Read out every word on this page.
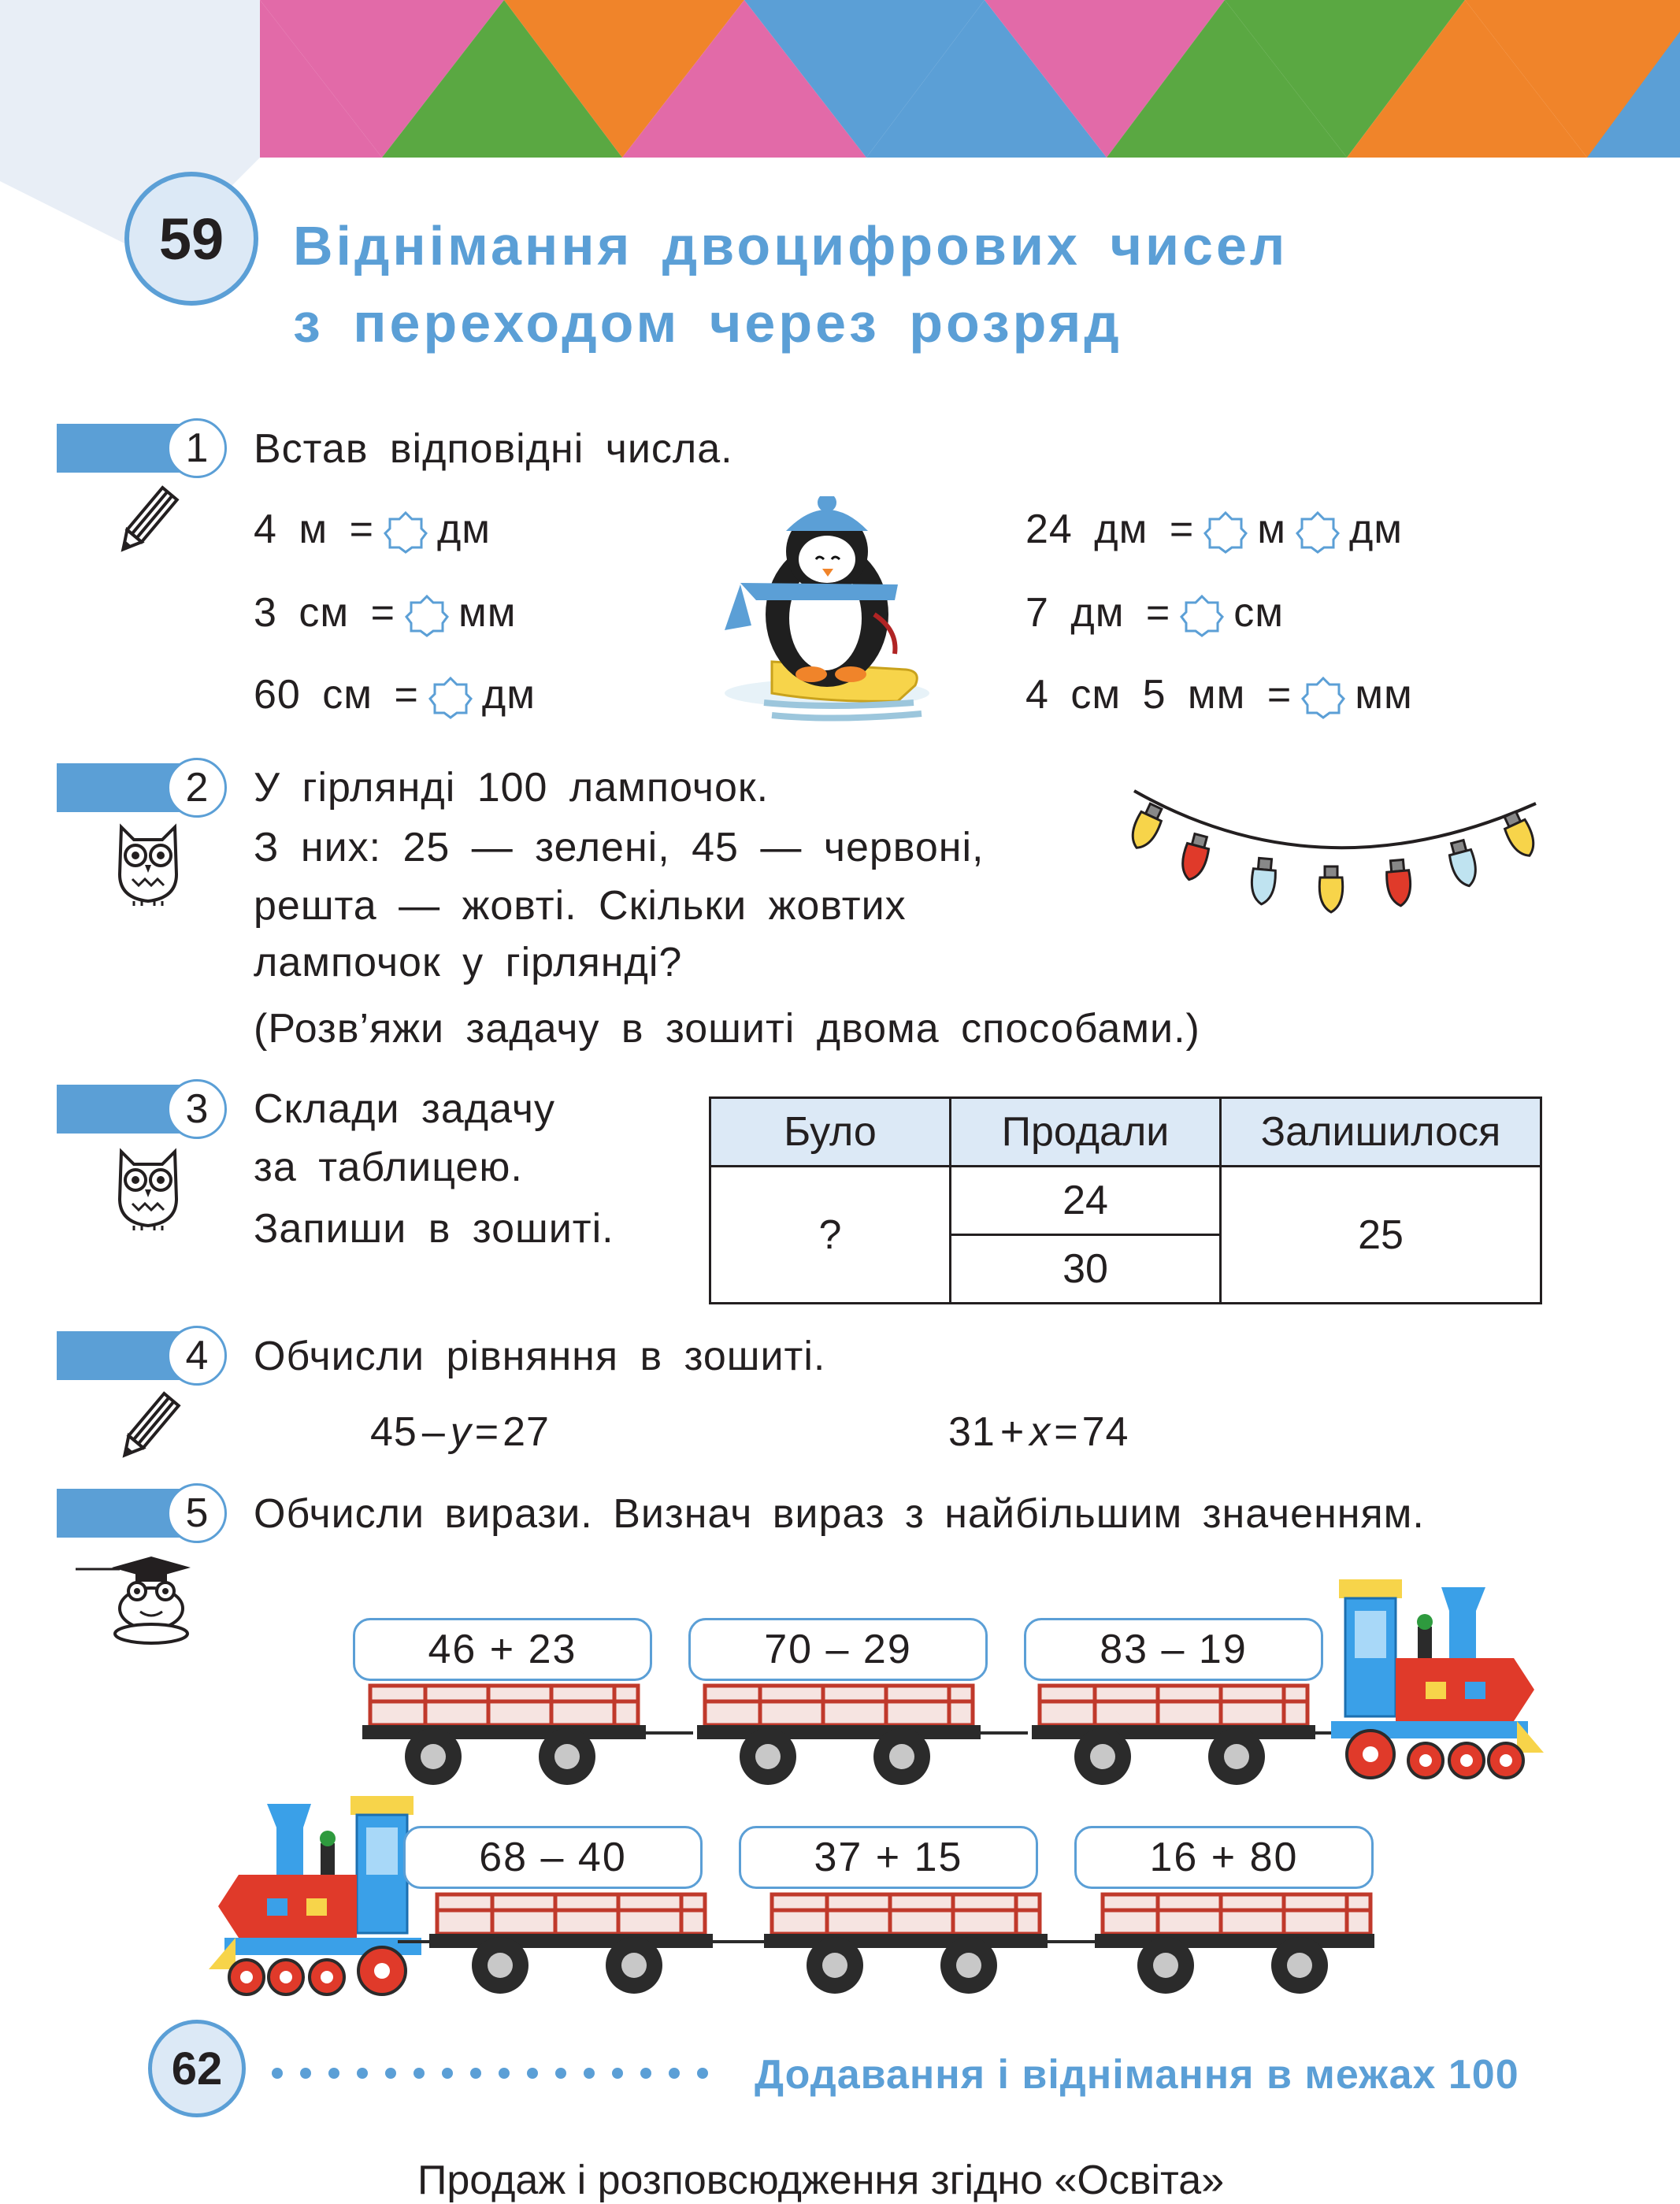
59	Віднімання двоцифрових чисел
з переходом через розряд
1	Встав відповідні числа.
4 м = дм
3 см = мм
60 см = дм
24 дм = м дм
7 дм = см
4 см 5 мм = мм
2	У гірлянді 100 лампочок.
З них: 25 — зелені, 45 — червоні,
решта — жовті. Скільки жовтих
лампочок у гірлянді?
(Розв’яжи задачу в зошиті двома способами.)
3	Склади задачу
за таблицею.
Запиши в зошиті.
Було	Продали	Залишилося
?	24	25
	30	
4	Обчисли рівняння в зошиті.
45 – y=27	31 + x=74
5	Обчисли вирази. Визнач вираз з найбільшим значенням.
46 + 23	70 – 29	83 – 19
68 – 40	37 + 15	16 + 80
62	Додавання і віднімання в межах 100
Продаж і розповсюдження згідно «Освіта»
